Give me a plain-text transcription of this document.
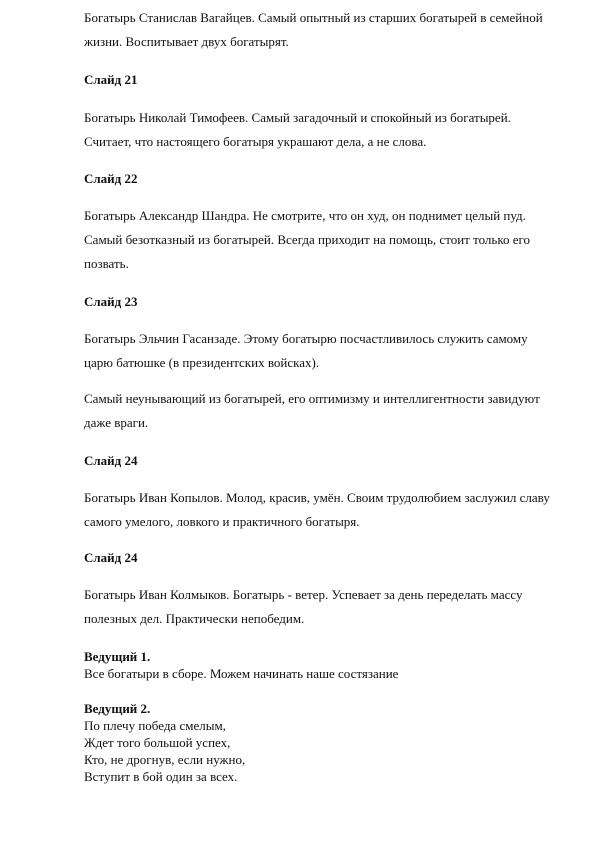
Богатырь Станислав Вагайцев. Самый опытный из старших богатырей в семейной жизни. Воспитывает двух богатырят.

Слайд 21

Богатырь Николай Тимофеев. Самый загадочный и спокойный из богатырей. Считает, что настоящего богатыря украшают дела, а не слова.

Слайд 22

Богатырь Александр Шандра. Не смотрите, что он худ, он поднимет целый пуд. Самый безотказный из богатырей. Всегда приходит на помощь, стоит только его позвать.

Слайд 23

Богатырь Эльчин Гасанзаде. Этому богатырю посчастливилось служить самому царю батюшке (в президентских войсках).

Самый неунывающий из богатырей, его оптимизму и интеллигентности завидуют даже враги.

Слайд 24

Богатырь Иван Копылов. Молод, красив, умён. Своим трудолюбием заслужил славу самого умелого, ловкого и практичного богатыря.

Слайд 24

Богатырь Иван Колмыков. Богатырь - ветер. Успевает за день переделать массу полезных дел. Практически непобедим.

Ведущий 1.
Все богатыри в сборе. Можем начинать наше состязание
Ведущий 2.
По плечу победа смелым,
Ждет того большой успех,
Кто, не дрогнув, если нужно,
Вступит в бой один за всех.
